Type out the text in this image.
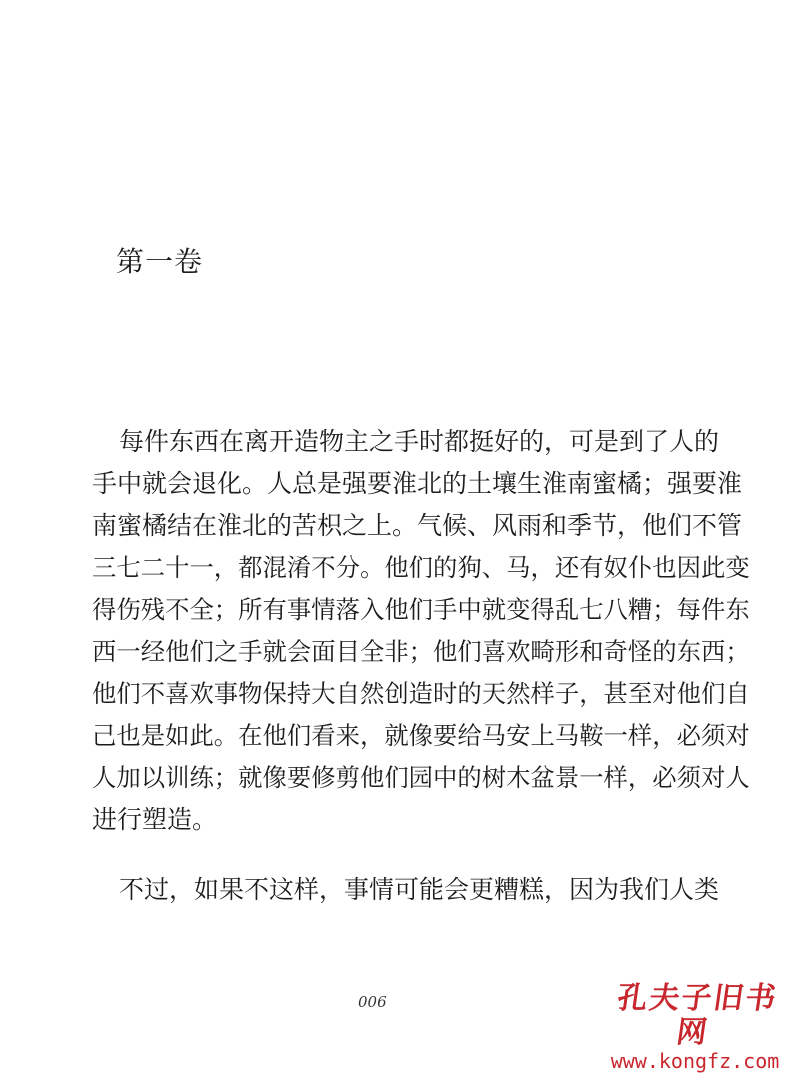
第一卷
每件东西在离开造物主之手时都挺好的，可是到了人的
手中就会退化。人总是强要淮北的土壤生淮南蜜橘；强要淮
南蜜橘结在淮北的苦枳之上。气候、风雨和季节，他们不管
三七二十一，都混淆不分。他们的狗、马，还有奴仆也因此变
得伤残不全；所有事情落入他们手中就变得乱七八糟；每件东
西一经他们之手就会面目全非；他们喜欢畸形和奇怪的东西；
他们不喜欢事物保持大自然创造时的天然样子，甚至对他们自
己也是如此。在他们看来，就像要给马安上马鞍一样，必须对
人加以训练；就像要修剪他们园中的树木盆景一样，必须对人
进行塑造。
不过，如果不这样，事情可能会更糟糕，因为我们人类
006	孔夫子旧书网
www.kongfz.com
